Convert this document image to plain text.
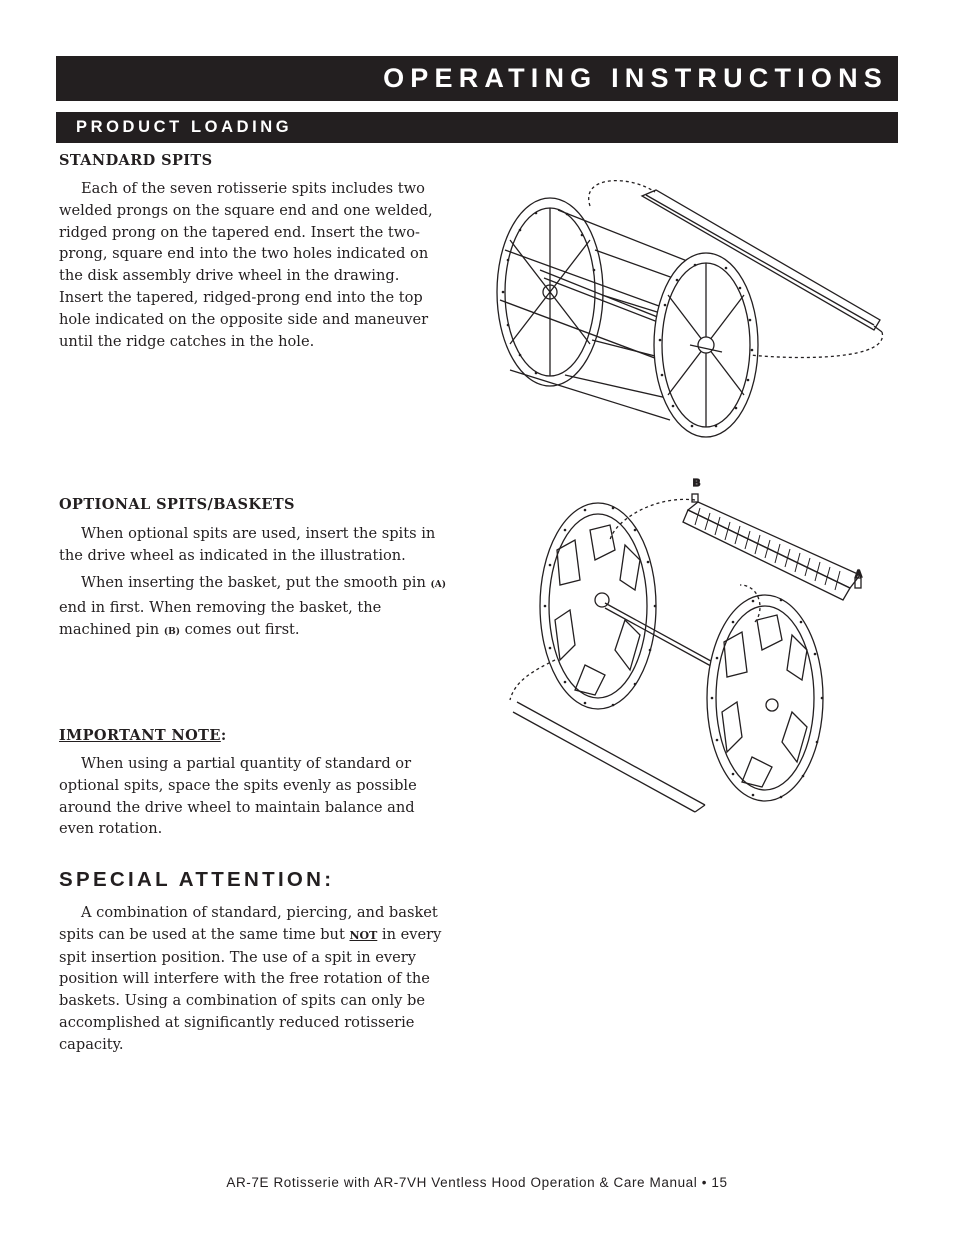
OPERATING INSTRUCTIONS
PRODUCT LOADING
STANDARD SPITS

Each of the seven rotisserie spits includes two welded prongs on the square end and one welded, ridged prong on the tapered end. Insert the two-prong, square end into the two holes indicated on the disk assembly drive wheel in the drawing. Insert the tapered, ridged-prong end into the top hole indicated on the opposite side and maneuver until the ridge catches in the hole.

OPTIONAL SPITS/BASKETS

When optional spits are used, insert the spits in the drive wheel as indicated in the illustration.

When inserting the basket, put the smooth pin (A) end in first. When removing the basket, the machined pin (B) comes out first.

IMPORTANT NOTE:

When using a partial quantity of standard or optional spits, space the spits evenly as possible around the drive wheel to maintain balance and even rotation.

SPECIAL ATTENTION:

A combination of standard, piercing, and basket spits can be used at the same time but NOT in every spit insertion position. The use of a spit in every position will interfere with the free rotation of the baskets. Using a combination of spits can only be accomplished at significantly reduced rotisserie capacity.

B
A
AR-7E Rotisserie with AR-7VH Ventless Hood Operation & Care Manual • 15
